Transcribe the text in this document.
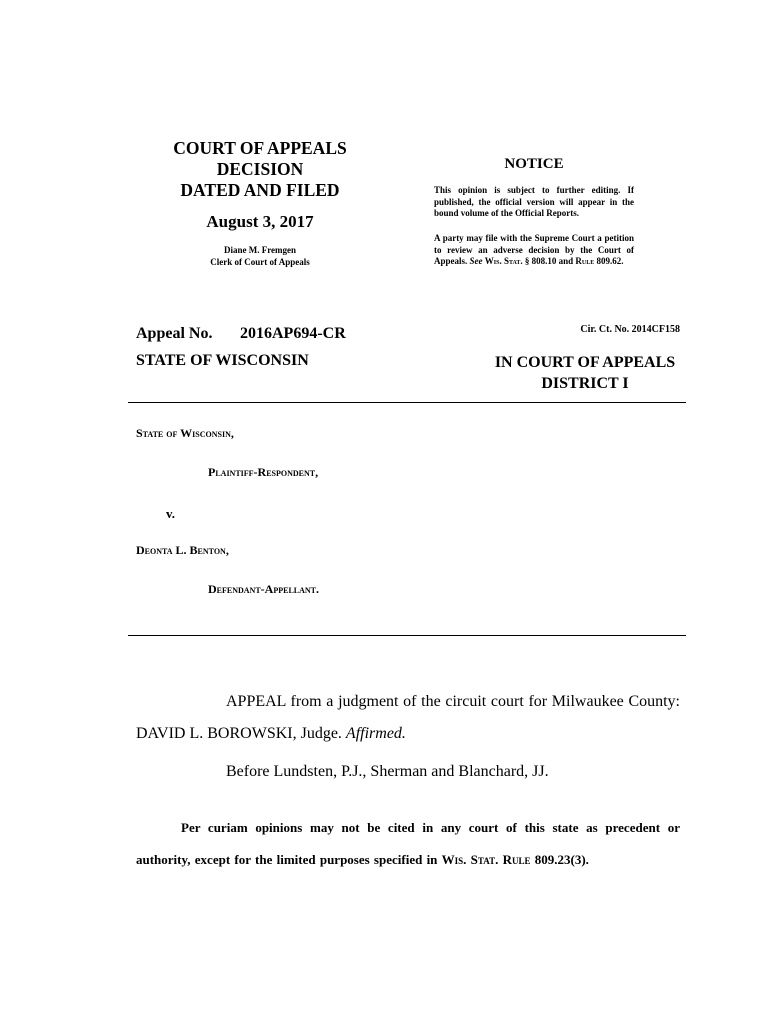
COURT OF APPEALS
DECISION
DATED AND FILED
August 3, 2017
Diane M. Fremgen
Clerk of Court of Appeals
NOTICE
This opinion is subject to further editing. If published, the official version will appear in the bound volume of the Official Reports.
A party may file with the Supreme Court a petition to review an adverse decision by the Court of Appeals. See Wis. Stat. § 808.10 and Rule 809.62.
Appeal No. 2016AP694-CR	Cir. Ct. No. 2014CF158
STATE OF WISCONSIN	IN COURT OF APPEALS
DISTRICT I
State of Wisconsin,
Plaintiff-Respondent,
v.
Deonta L. Benton,
Defendant-Appellant.
APPEAL from a judgment of the circuit court for Milwaukee County: DAVID L. BOROWSKI, Judge. Affirmed.
Before Lundsten, P.J., Sherman and Blanchard, JJ.
Per curiam opinions may not be cited in any court of this state as precedent or authority, except for the limited purposes specified in Wis. Stat. Rule 809.23(3).
